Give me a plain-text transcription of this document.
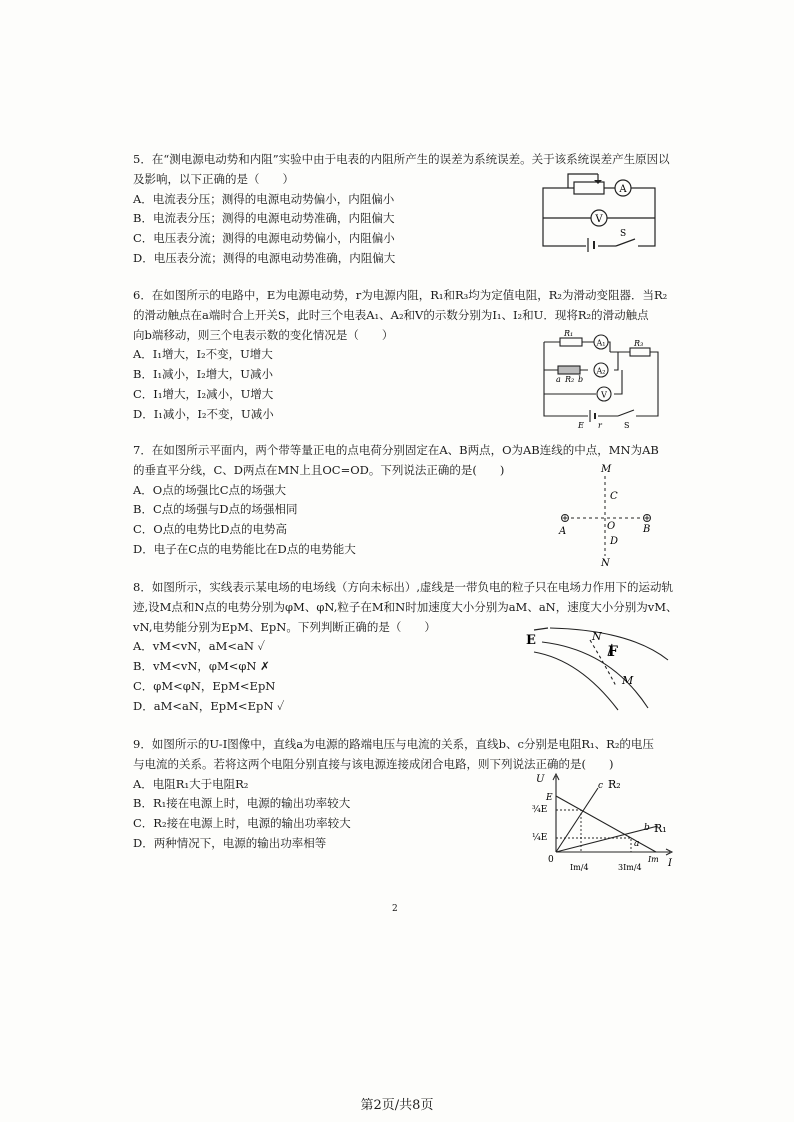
5．在“测电源电动势和内阻”实验中由于电表的内阻所产生的误差为系统误差。关于该系统误差产生原因以

及影响，以下正确的是（　　）

A．电流表分压；测得的电源电动势偏小，内阻偏小

B．电流表分压；测得的电源电动势准确，内阻偏大

C．电压表分流；测得的电源电动势偏小，内阻偏小

D．电压表分流；测得的电源电动势准确，内阻偏大

A
V
S

6．在如图所示的电路中，E为电源电动势，r为电源内阻，R₁和R₃均为定值电阻，R₂为滑动变阻器．当R₂

的滑动触点在a端时合上开关S，此时三个电表A₁、A₂和V的示数分别为I₁、I₂和U．现将R₂的滑动触点

向b端移动，则三个电表示数的变化情况是（　　）

A．I₁增大，I₂不变，U增大

B．I₁减小，I₂增大，U减小

C．I₁增大，I₂减小，U增大

D．I₁减小，I₂不变，U减小

R₁
A₁
a R₂ b
A₂
R₃
V
E r	S

7．在如图所示平面内，两个带等量正电的点电荷分别固定在A、B两点，O为AB连线的中点，MN为AB

的垂直平分线，C、D两点在MN上且OC=OD。下列说法正确的是(　　)

A．O点的场强比C点的场强大

B．C点的场强与D点的场强相同

C．O点的电势比D点的电势高

D．电子在C点的电势能比在D点的电势能大

M
N
C
D
O
A	B

8．如图所示，实线表示某电场的电场线（方向未标出）,虚线是一带负电的粒子只在电场力作用下的运动轨

迹,设M点和N点的电势分别为φM、φN,粒子在M和N时加速度大小分别为aM、aN，速度大小分别为vM、

vN,电势能分别为EpM、EpN。下列判断正确的是（　　）

A．vM<vN，aM<aN ✓

B．vM<vN，φM<φN ✗

C．φM<φN，EpM<EpN

D．aM<aN，EpM<EpN ✓

E	N
F
M

9．如图所示的U-I图像中，直线a为电源的路端电压与电流的关系，直线b、c分别是电阻R₁、R₂的电压

与电流的关系。若将这两个电阻分别直接与该电源连接成闭合电路，则下列说法正确的是(　　)

A．电阻R₁大于电阻R₂

B．R₁接在电源上时，电源的输出功率较大

C．R₂接在电源上时，电源的输出功率较大

D．两种情况下，电源的输出功率相等

U
I
E
¾E
¼E
0
c R₂
b R₁
a
Im/4	3Im/4
Im
2
第2页/共8页
